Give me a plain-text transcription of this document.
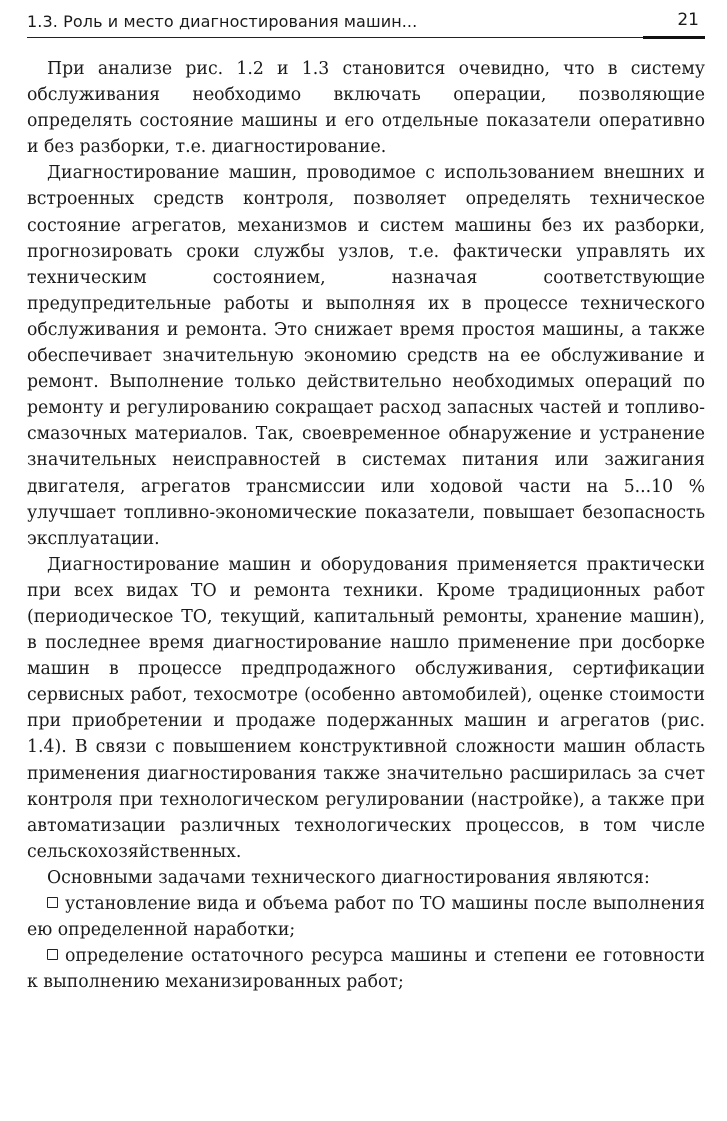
1.3. Роль и место диагностирования машин...	21

При анализе рис. 1.2 и 1.3 становится очевидно, что в систему обслуживания необходимо включать операции, позволяющие определять состояние машины и его отдельные показатели оперативно и без разборки, т.е. диагностирование.

Диагностирование машин, проводимое с использованием внешних и встроенных средств контроля, позволяет определять техническое состояние агрегатов, механизмов и систем машины без их разборки, прогнозировать сроки службы узлов, т.е. фактически управлять их техническим состоянием, назначая соответствующие предупредительные работы и выполняя их в процессе технического обслуживания и ремонта. Это снижает время простоя машины, а также обеспечивает значительную экономию средств на ее обслуживание и ремонт. Выполнение только действительно необходимых операций по ремонту и регулированию сокращает расход запасных частей и топливо-смазочных материалов. Так, своевременное обнаружение и устранение значительных неисправностей в системах питания или зажигания двигателя, агрегатов трансмиссии или ходовой части на 5...10 % улучшает топливно-экономические показатели, повышает безопасность эксплуатации.

Диагностирование машин и оборудования применяется практически при всех видах ТО и ремонта техники. Кроме традиционных работ (периодическое ТО, текущий, капитальный ремонты, хранение машин), в последнее время диагностирование нашло применение при досборке машин в процессе предпродажного обслуживания, сертификации сервисных работ, техосмотре (особенно автомобилей), оценке стоимости при приобретении и продаже подержанных машин и агрегатов (рис. 1.4). В связи с повышением конструктивной сложности машин область применения диагностирования также значительно расширилась за счет контроля при технологическом регулировании (настройке), а также при автоматизации различных технологических процессов, в том числе сельскохозяйственных.

Основными задачами технического диагностирования являются:

установление вида и объема работ по ТО машины после выполнения ею определенной наработки;

определение остаточного ресурса машины и степени ее готовности к выполнению механизированных работ;
